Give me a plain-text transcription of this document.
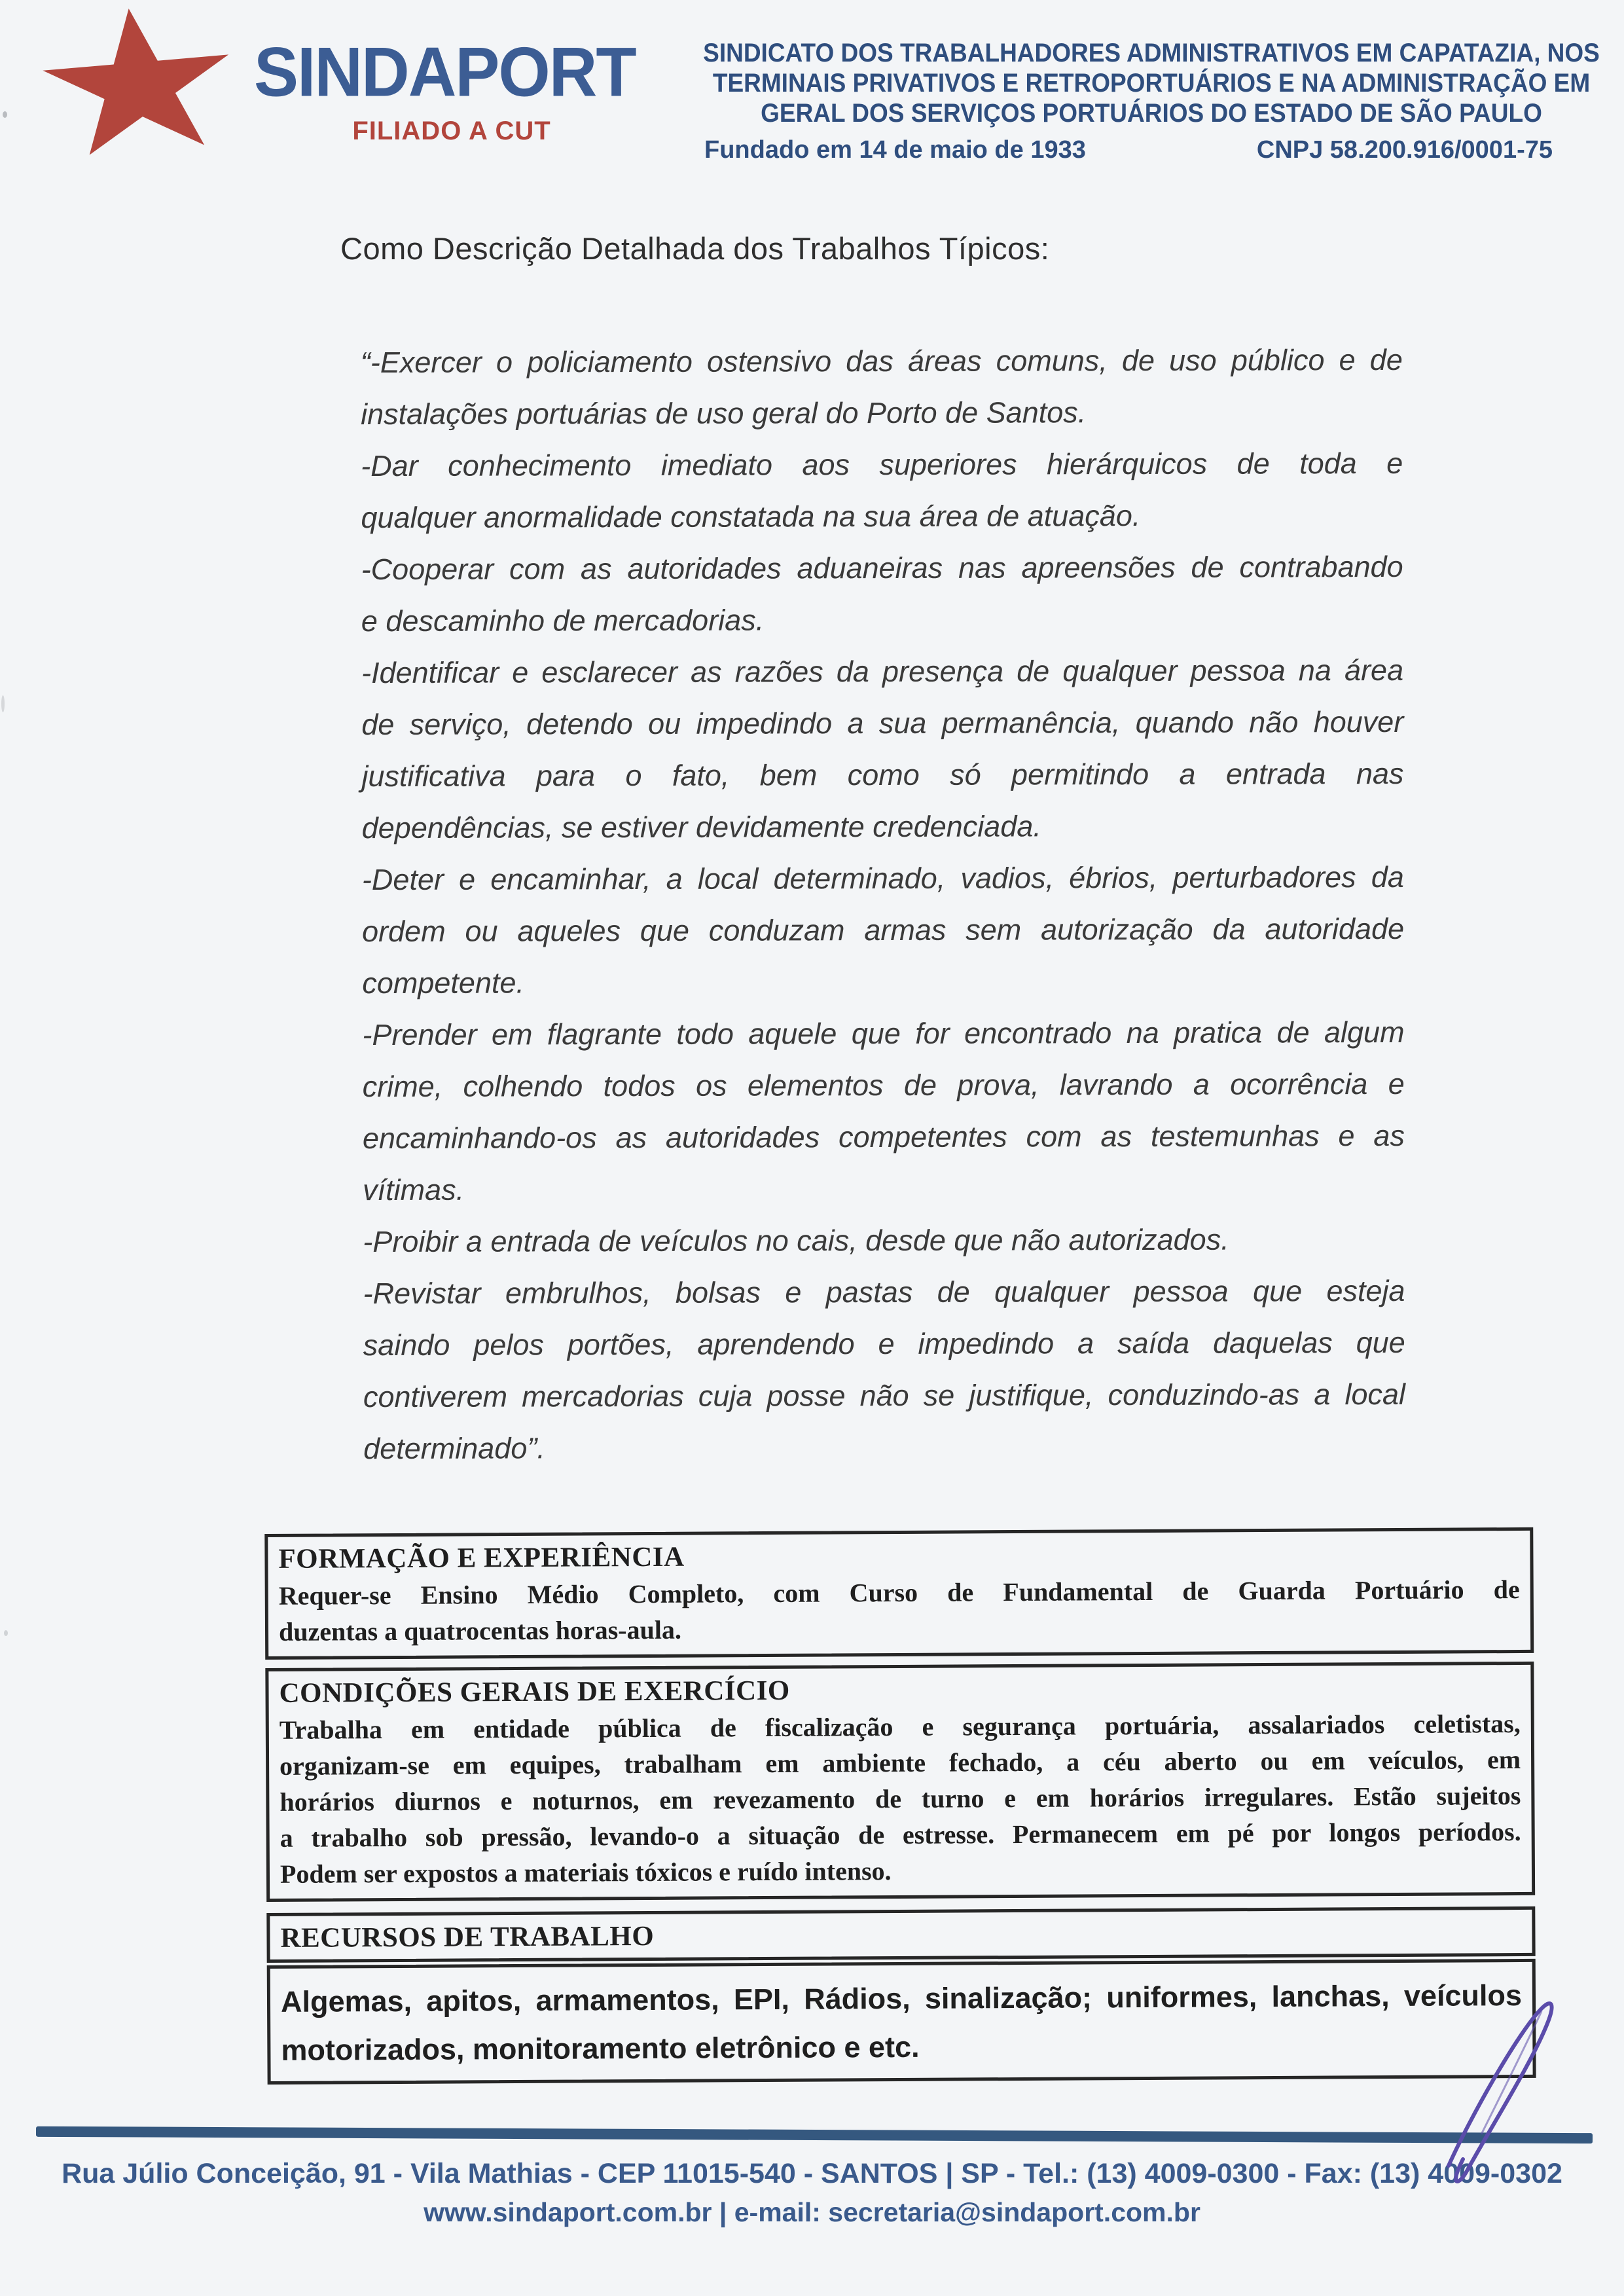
SINDAPORT
FILIADO A CUT
SINDICATO DOS TRABALHADORES ADMINISTRATIVOS EM CAPATAZIA, NOS
TERMINAIS PRIVATIVOS E RETROPORTUÁRIOS E NA ADMINISTRAÇÃO EM
GERAL DOS SERVIÇOS PORTUÁRIOS DO ESTADO DE SÃO PAULO
Fundado em 14 de maio de 1933	CNPJ 58.200.916/0001-75
Como Descrição Detalhada dos Trabalhos Típicos:
“-Exercer o policiamento ostensivo das áreas comuns, de uso público e de
instalações portuárias de uso geral do Porto de Santos.
-Dar conhecimento imediato aos superiores hierárquicos de toda e
qualquer anormalidade constatada na sua área de atuação.
-Cooperar com as autoridades aduaneiras nas apreensões de contrabando
e descaminho de mercadorias.
-Identificar e esclarecer as razões da presença de qualquer pessoa na área
de serviço, detendo ou impedindo a sua permanência, quando não houver
justificativa para o fato, bem como só permitindo a entrada nas
dependências, se estiver devidamente credenciada.
-Deter e encaminhar, a local determinado, vadios, ébrios, perturbadores da
ordem ou aqueles que conduzam armas sem autorização da autoridade
competente.
-Prender em flagrante todo aquele que for encontrado na pratica de algum
crime, colhendo todos os elementos de prova, lavrando a ocorrência e
encaminhando-os as autoridades competentes com as testemunhas e as
vítimas.
-Proibir a entrada de veículos no cais, desde que não autorizados.
-Revistar embrulhos, bolsas e pastas de qualquer pessoa que esteja
saindo pelos portões, aprendendo e impedindo a saída daquelas que
contiverem mercadorias cuja posse não se justifique, conduzindo-as a local
determinado”.
FORMAÇÃO E EXPERIÊNCIA
Requer-se Ensino Médio Completo, com Curso de Fundamental de Guarda Portuário de
duzentas a quatrocentas horas-aula.
CONDIÇÕES GERAIS DE EXERCÍCIO
Trabalha em entidade pública de fiscalização e segurança portuária, assalariados celetistas,
organizam-se em equipes, trabalham em ambiente fechado, a céu aberto ou em veículos, em
horários diurnos e noturnos, em revezamento de turno e em horários irregulares. Estão sujeitos
a trabalho sob pressão, levando-o a situação de estresse. Permanecem em pé por longos períodos.
Podem ser expostos a materiais tóxicos e ruído intenso.
RECURSOS DE TRABALHO
Algemas, apitos, armamentos, EPI, Rádios, sinalização; uniformes, lanchas, veículos
motorizados, monitoramento eletrônico e etc.
Rua Júlio Conceição, 91 - Vila Mathias - CEP 11015-540 - SANTOS | SP - Tel.: (13) 4009-0300 - Fax: (13) 4009-0302
www.sindaport.com.br | e-mail: secretaria@sindaport.com.br
